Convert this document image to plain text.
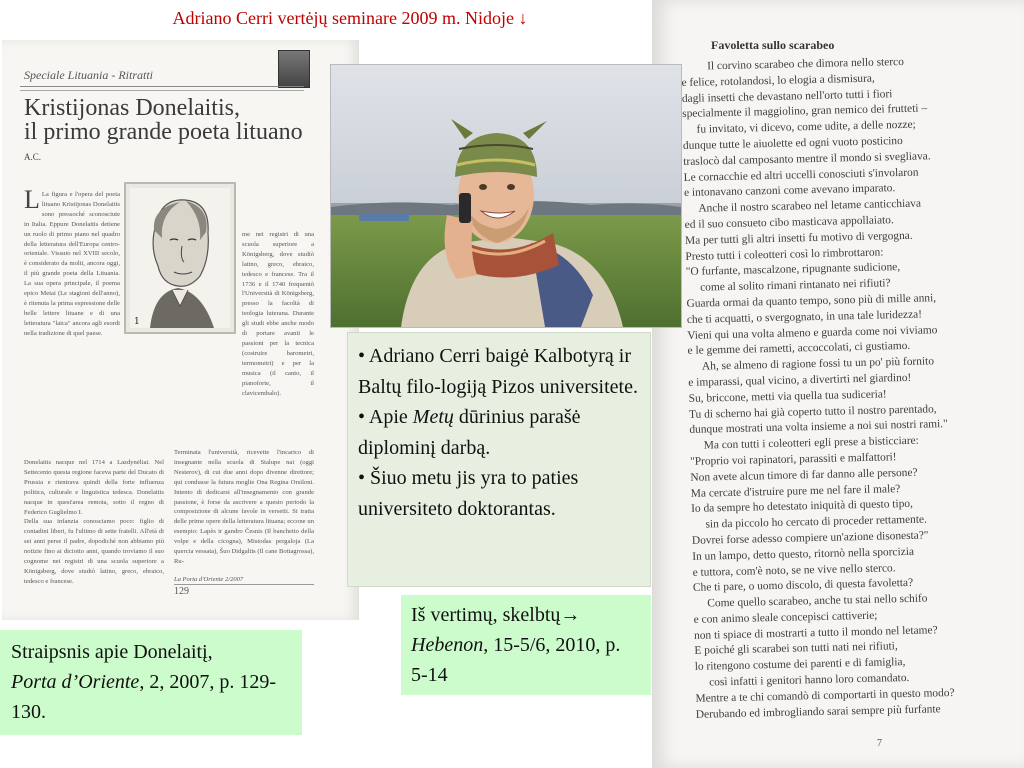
Adriano Cerri vertėjų seminare 2009 m. Nidoje ↓
Speciale Lituania - Ritratti
Kristijonas Donelaitis,
il primo grande poeta lituano
A.C.
L La figura e l'opera del poeta lituano Kristijonas Donelaitis sono pressoché sconosciute in Italia. Eppure Donelaitis detiene un ruolo di primo piano nel quadro della letteratura dell'Europa centro-orientale. Vissuto nel XVIII secolo, è considerato da molti, ancora oggi, il più grande poeta della Lituania. La sua opera principale, il poema epico Metai (Le stagioni dell'anno), è ritenuta la prima espressione delle belle lettere lituane e di una letteratura "laica" ancora agli esordi nella tradizione di quel paese.
Donelaitis nacque nel 1714 a Lazdynėliai. Nel Settecento questa regione faceva parte del Ducato di Prussia e rientrava quindi della forte influenza politica, culturale e linguistica tedesca. Donelaitis nacque in quest'area remota, sotto il regno di Federico Guglielmo I.
Della sua infanzia conosciamo poco: figlio di contadini liberi, fu l'ultimo di sette fratelli. All'età di sei anni perse il padre, dopodiché non abbiamo più notizie fino ai diciotto anni, quando troviamo il suo cognome nei registri di una scuola superiore a Königsberg, dove studiò latino, greco, ebraico, tedesco e francese.
1
me nei registri di una scuola superiore a Königsberg, dove studiò latino, greco, ebraico, tedesco e francese. Tra il 1736 e il 1740 frequentò l'Università di Königsberg, presso la facoltà di teologia luterana. Durante gli studi ebbe anche modo di portare avanti le passioni per la tecnica (costruire barometri, termometri) e per la musica (il canto, il pianoforte, il clavicembalo).
Terminata l'università, ricevette l'incarico di insegnante nella scuola di Stalupe nai (oggi Nesterov), di cui due anni dopo divenne direttore; qui condusse la futura moglie Ona Regina Orsiloni. Intento di dedicarsi all'insegnamento con grande passione, è forse da ascrivere a questo periodo la composizione di alcune favole in versetti. Si tratta delle prime opere della letteratura lituana; eccone un esempio: Lapès ir gandro Česnis (Il banchetto della volpe e della cicogna), Mistodas pergaloja (La quercia vessata), Šuo Didgaltis (Il cane Bottagrossa), Ru-
La Porta d'Oriente 2/2007
129
Favoletta sullo scarabeo
Il corvino scarabeo che dimora nello sterco
e felice, rotolandosi, lo elogia a dismisura,
dagli insetti che devastano nell'orto tutti i fiori
specialmente il maggiolino, gran nemico dei frutteti –
fu invitato, vi dicevo, come udite, a delle nozze;
dunque tutte le aiuolette ed ogni vuoto posticino
traslocò dal camposanto mentre il mondo si svegliava.
Le cornacchie ed altri uccelli conosciuti s'involaron
e intonavano canzoni come avevano imparato.
Anche il nostro scarabeo nel letame canticchiava
ed il suo consueto cibo masticava appollaiato.
Ma per tutti gli altri insetti fu motivo di vergogna.
Presto tutti i coleotteri così lo rimbrottaron:
"O furfante, mascalzone, ripugnante sudicione,
come al solito rimani rintanato nei rifiuti?
Guarda ormai da quanto tempo, sono più di mille anni,
che ti acquatti, o svergognato, in una tale luridezza!
Vieni qui una volta almeno e guarda come noi viviamo
e le gemme dei rametti, accoccolati, ci gustiamo.
Ah, se almeno di ragione fossi tu un po' più fornito
e imparassi, qual vicino, a divertirti nel giardino!
Su, briccone, metti via quella tua sudiceria!
Tu di scherno hai già coperto tutto il nostro parentado,
dunque mostrati una volta insieme a noi sui nostri rami."
Ma con tutti i coleotteri egli prese a bisticciare:
"Proprio voi rapinatori, parassiti e malfattori!
Non avete alcun timore di far danno alle persone?
Ma cercate d'istruire pure me nel fare il male?
Io da sempre ho detestato iniquità di questo tipo,
sin da piccolo ho cercato di proceder rettamente.
Dovrei forse adesso compiere un'azione disonesta?"
In un lampo, detto questo, ritornò nella sporcizia
e tuttora, com'è noto, se ne vive nello sterco.
Che ti pare, o uomo discolo, di questa favoletta?
Come quello scarabeo, anche tu stai nello schifo
e con animo sleale concepisci cattiverie;
non ti spiace di mostrarti a tutto il mondo nel letame?
E poiché gli scarabei son tutti nati nei rifiuti,
lo ritengono costume dei parenti e di famiglia,
così infatti i genitori hanno loro comandato.
Mentre a te chi comandò di comportarti in questo modo?
Derubando ed imbrogliando sarai sempre più furfante
7

• Adriano Cerri baigė Kalbotyrą ir Baltų filo-logiją Pizos universitete.

• Apie Metų dūrinius parašė diplominį darbą.

• Šiuo metu jis yra to paties universiteto doktorantas.

Iš vertimų, skelbtų→

Hebenon, 15-5/6, 2010, p. 5-14

Straipsnis apie Donelaitį,

Porta d’Oriente, 2, 2007, p. 129-130.
